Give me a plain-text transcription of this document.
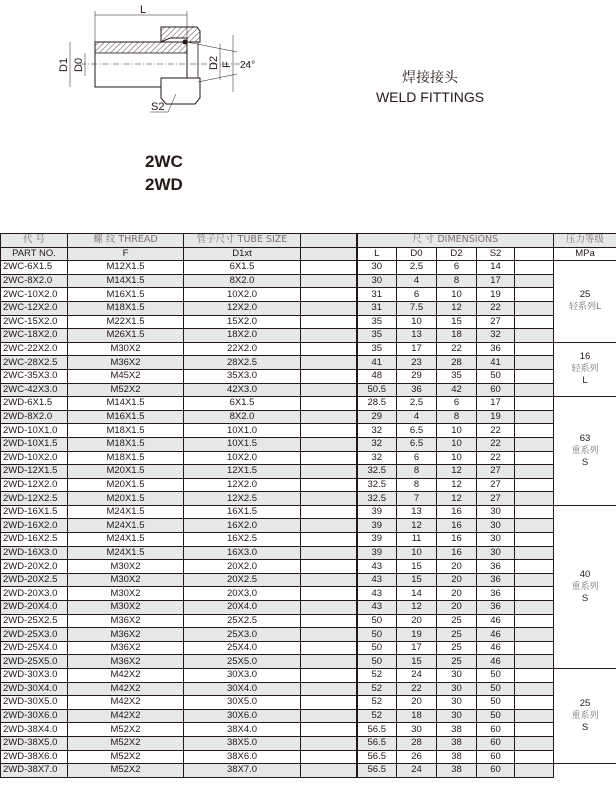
L
D1 D0	D2 F 24°
S2
焊接接头
WELD FITTINGS
2WC
2WD
代 号	螺 纹 THREAD	管子尺寸 TUBE SIZE		尺 寸 DIMENSIONS					压力等级
PART NO.	F	D1xt		L	D0	D2	S2		MPa
2WC-6X1.5	M12X1.5	6X1.5		30	2.5	6	14		25
轻系列L

2WC-8X2.0	M14X1.5	8X2.0		30	4	8	17		
2WC-10X2.0	M16X1.5	10X2.0		31	6	10	19		
2WC-12X2.0	M18X1.5	12X2.0		31	7.5	12	22		
2WC-15X2.0	M22X1.5	15X2.0		35	10	15	27		
2WC-18X2.0	M26X1.5	18X2.0		35	13	18	32		
2WC-22X2.0	M30X2	22X2.0		35	17	22	36		16
轻系列
L

2WC-28X2.5	M36X2	28X2.5		41	23	28	41		
2WC-35X3.0	M45X2	35X3.0		48	29	35	50		
2WC-42X3.0	M52X2	42X3.0		50.5	36	42	60		
2WD-6X1.5	M14X1.5	6X1.5		28.5	2.5	6	17		63
重系列
S

2WD-8X2.0	M16X1.5	8X2.0		29	4	8	19		
2WD-10X1.0	M18X1.5	10X1.0		32	6.5	10	22		
2WD-10X1.5	M18X1.5	10X1.5		32	6.5	10	22		
2WD-10X2.0	M18X1.5	10X2.0		32	6	10	22		
2WD-12X1.5	M20X1.5	12X1.5		32.5	8	12	27		
2WD-12X2.0	M20X1.5	12X2.0		32.5	8	12	27		
2WD-12X2.5	M20X1.5	12X2.5		32.5	7	12	27		
2WD-16X1.5	M24X1.5	16X1.5		39	13	16	30		40
重系列
S

2WD-16X2.0	M24X1.5	16X2.0		39	12	16	30		
2WD-16X2.5	M24X1.5	16X2.5		39	11	16	30		
2WD-16X3.0	M24X1.5	16X3.0		39	10	16	30		
2WD-20X2.0	M30X2	20X2.0		43	15	20	36		
2WD-20X2.5	M30X2	20X2.5		43	15	20	36		
2WD-20X3.0	M30X2	20X3.0		43	14	20	36		
2WD-20X4.0	M30X2	20X4.0		43	12	20	36		
2WD-25X2.5	M36X2	25X2.5		50	20	25	46		
2WD-25X3.0	M36X2	25X3.0		50	19	25	46		
2WD-25X4.0	M36X2	25X4.0		50	17	25	46		
2WD-25X5.0	M36X2	25X5.0		50	15	25	46		
2WD-30X3.0	M42X2	30X3.0		52	24	30	50		25
重系列
S

2WD-30X4.0	M42X2	30X4.0		52	22	30	50		
2WD-30X5.0	M42X2	30X5.0		52	20	30	50		
2WD-30X6.0	M42X2	30X6.0		52	18	30	50		
2WD-38X4.0	M52X2	38X4.0		56.5	30	38	60		
2WD-38X5.0	M52X2	38X5.0		56.5	28	38	60		
2WD-38X6.0	M52X2	38X6.0		56.5	26	38	60		
2WD-38X7.0	M52X2	38X7.0		56.5	24	38	60		
